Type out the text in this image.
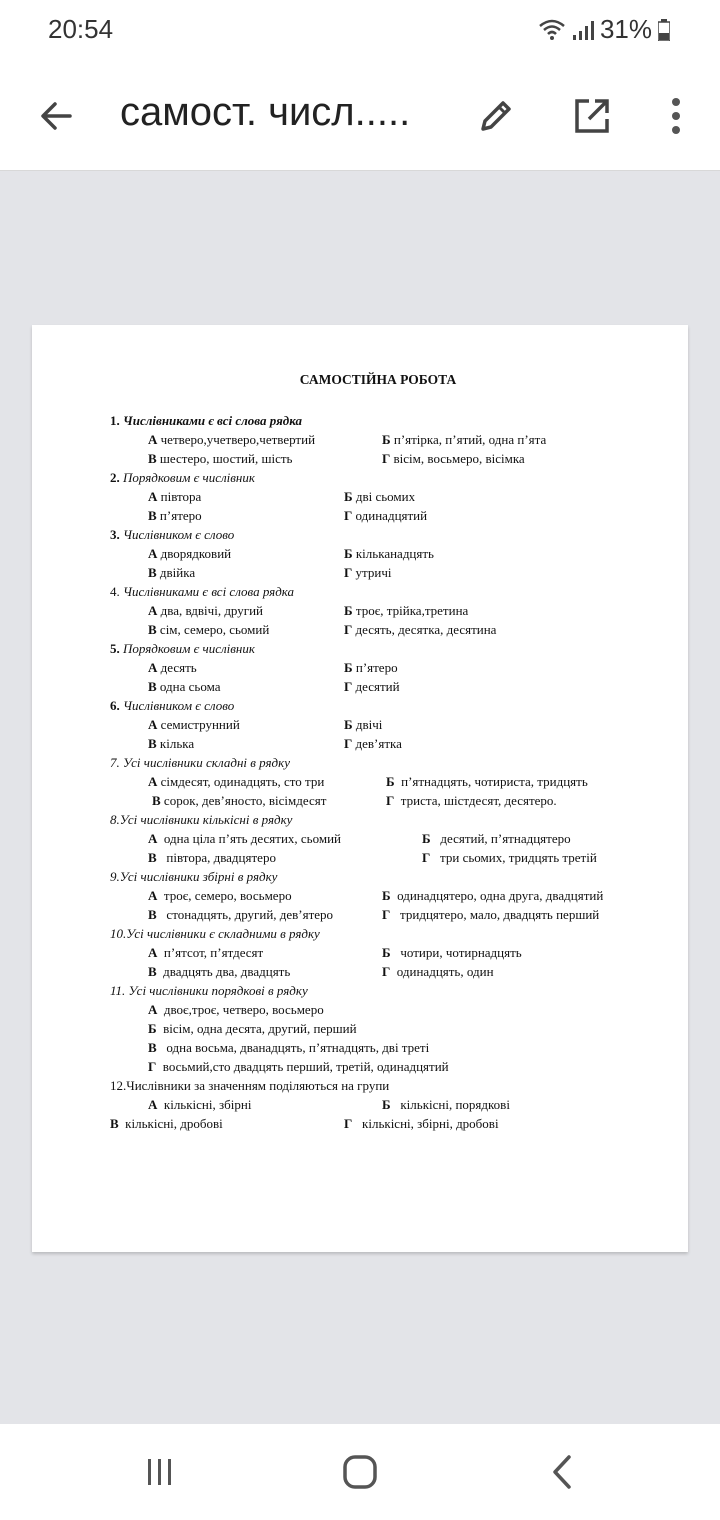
20:54	31%
самост. числ.....
САМОСТІЙНА РОБОТА
1. Числівниками є всі слова рядка
А четверо,учетверо,четвертий	Б п’ятірка, п’ятий, одна п’ята
В шестеро, шостий, шість	Г вісім, восьмеро, вісімка
2. Порядковим є числівник
А півтора	Б дві сьомих
В п’ятеро	Г одинадцятий
3. Числівником є слово
А дворядковий	Б кільканадцять
В двійка	Г утричі
4. Числівниками є всі слова рядка
А два, вдвічі, другий	Б троє, трійка,третина
В сім, семеро, сьомий	Г десять, десятка, десятина
5. Порядковим є числівник
А десять	Б п’ятеро
В одна сьома	Г десятий
6. Числівником є слово
А семиструнний	Б двічі
В кілька	Г дев’ятка
7. Усі числівники складні в рядку
А сімдесят, одинадцять, сто три	Б п’ятнадцять, чотириста, тридцять
В сорок, дев’яносто, вісімдесят	Г триста, шістдесят, десятеро.
8.Усі числівники кількісні в рядку
А одна ціла п’ять десятих, сьомий	Б десятий, п’ятнадцятеро
В півтора, двадцятеро	Г три сьомих, тридцять третій
9.Усі числівники збірні в рядку
А троє, семеро, восьмеро	Б одинадцятеро, одна друга, двадцятий
В стонадцять, другий, дев’ятеро	Г тридцятеро, мало, двадцять перший
10.Усі числівники є складними в рядку
А п’ятсот, п’ятдесят	Б чотири, чотирнадцять
В двадцять два, двадцять	Г одинадцять, один
11. Усі числівники порядкові в рядку
А двоє,троє, четверо, восьмеро
Б вісім, одна десята, другий, перший
В одна восьма, дванадцять, п’ятнадцять, дві треті
Г восьмий,сто двадцять перший, третій, одинадцятий
12.Числівники за значенням поділяються на групи
А кількісні, збірні	Б кількісні, порядкові
В кількісні, дробові	Г кількісні, збірні, дробові
